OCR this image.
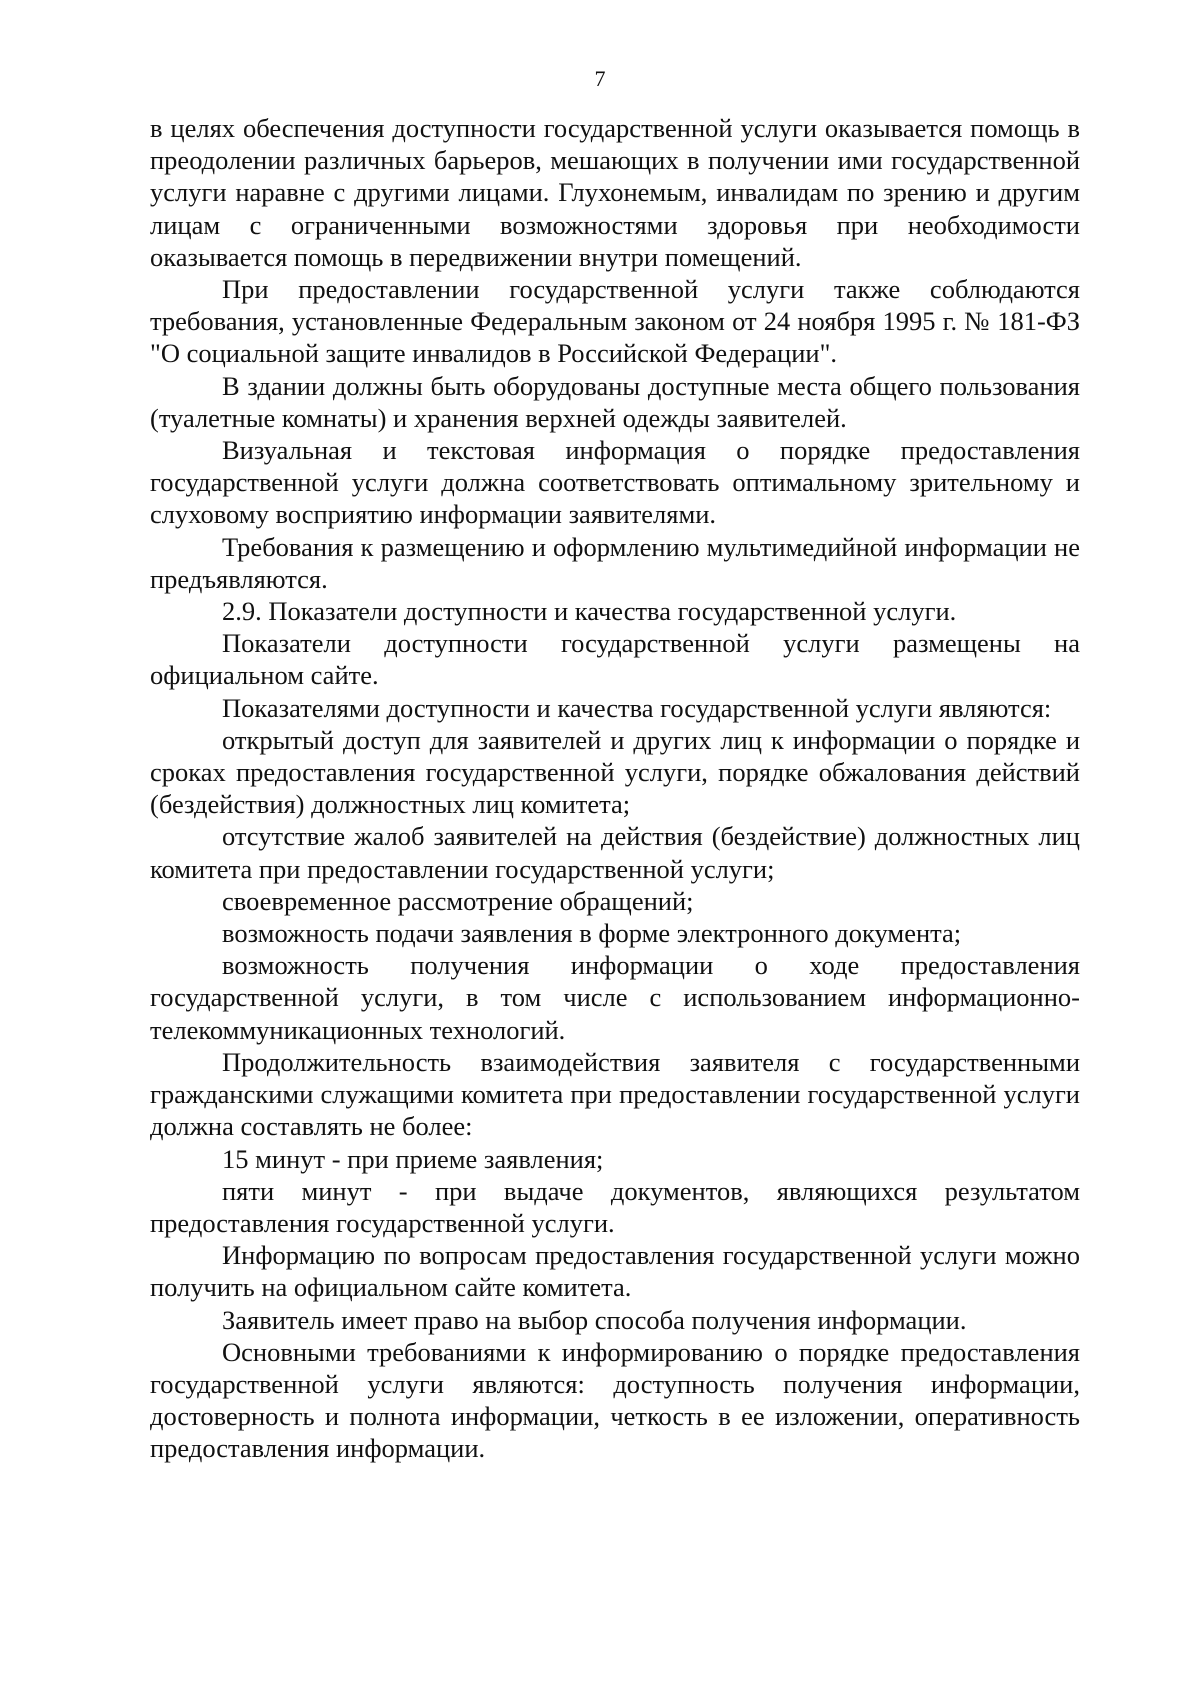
7

в целях обеспечения доступности государственной услуги оказывается помощь в преодолении различных барьеров, мешающих в получении ими государственной услуги наравне с другими лицами. Глухонемым, инвалидам по зрению и другим лицам с ограниченными возможностями здоровья при необходимости оказывается помощь в передвижении внутри помещений.

При предоставлении государственной услуги также соблюдаются требования, установленные Федеральным законом от 24 ноября 1995 г. № 181-ФЗ "О социальной защите инвалидов в Российской Федерации".

В здании должны быть оборудованы доступные места общего пользования (туалетные комнаты) и хранения верхней одежды заявителей.

Визуальная и текстовая информация о порядке предоставления государственной услуги должна соответствовать оптимальному зрительному и слуховому восприятию информации заявителями.

Требования к размещению и оформлению мультимедийной информации не предъявляются.

2.9. Показатели доступности и качества государственной услуги.

Показатели доступности государственной услуги размещены на официальном сайте.

Показателями доступности и качества государственной услуги являются:

открытый доступ для заявителей и других лиц к информации о порядке и сроках предоставления государственной услуги, порядке обжалования действий (бездействия) должностных лиц комитета;

отсутствие жалоб заявителей на действия (бездействие) должностных лиц комитета при предоставлении государственной услуги;

своевременное рассмотрение обращений;

возможность подачи заявления в форме электронного документа;

возможность получения информации о ходе предоставления государственной услуги, в том числе с использованием информационно-телекоммуникационных технологий.

Продолжительность взаимодействия заявителя с государственными гражданскими служащими комитета при предоставлении государственной услуги должна составлять не более:

15 минут - при приеме заявления;

пяти минут - при выдаче документов, являющихся результатом предоставления государственной услуги.

Информацию по вопросам предоставления государственной услуги можно получить на официальном сайте комитета.

Заявитель имеет право на выбор способа получения информации.

Основными требованиями к информированию о порядке предоставления государственной услуги являются: доступность получения информации, достоверность и полнота информации, четкость в ее изложении, оперативность предоставления информации.
